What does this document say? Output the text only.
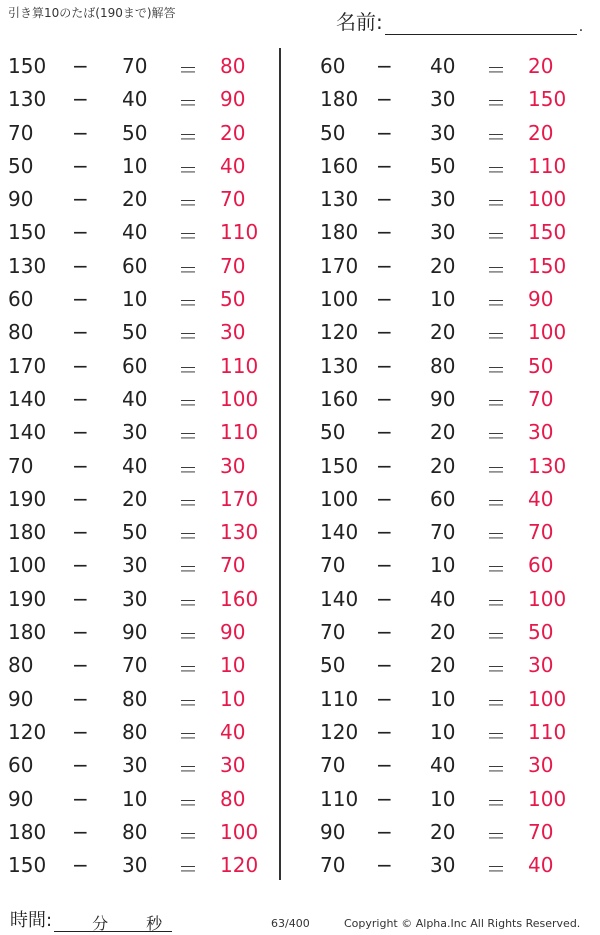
引き算10のたば(190まで)解答	名前:	.
150 − 70 ＝ 80
130 − 40 ＝ 90
70 − 50 ＝ 20
50 − 10 ＝ 40
90 − 20 ＝ 70
150 − 40 ＝ 110
130 − 60 ＝ 70
60 − 10 ＝ 50
80 − 50 ＝ 30
170 − 60 ＝ 110
140 − 40 ＝ 100
140 − 30 ＝ 110
70 − 40 ＝ 30
190 − 20 ＝ 170
180 − 50 ＝ 130
100 − 30 ＝ 70
190 − 30 ＝ 160
180 − 90 ＝ 90
80 − 70 ＝ 10
90 − 80 ＝ 10
120 − 80 ＝ 40
60 − 30 ＝ 30
90 − 10 ＝ 80
180 − 80 ＝ 100
150 − 30 ＝ 120
60 − 40 ＝ 20
180 − 30 ＝ 150
50 − 30 ＝ 20
160 − 50 ＝ 110
130 − 30 ＝ 100
180 − 30 ＝ 150
170 − 20 ＝ 150
100 − 10 ＝ 90
120 − 20 ＝ 100
130 − 80 ＝ 50
160 − 90 ＝ 70
50 − 20 ＝ 30
150 − 20 ＝ 130
100 − 60 ＝ 40
140 − 70 ＝ 70
70 − 10 ＝ 60
140 − 40 ＝ 100
70 − 20 ＝ 50
50 − 20 ＝ 30
110 − 10 ＝ 100
120 − 10 ＝ 110
70 − 40 ＝ 30
110 − 10 ＝ 100
90 − 20 ＝ 70
70 − 30 ＝ 40
時間:	分 秒	63/400	Copyright © Alpha.Inc All Rights Reserved.
